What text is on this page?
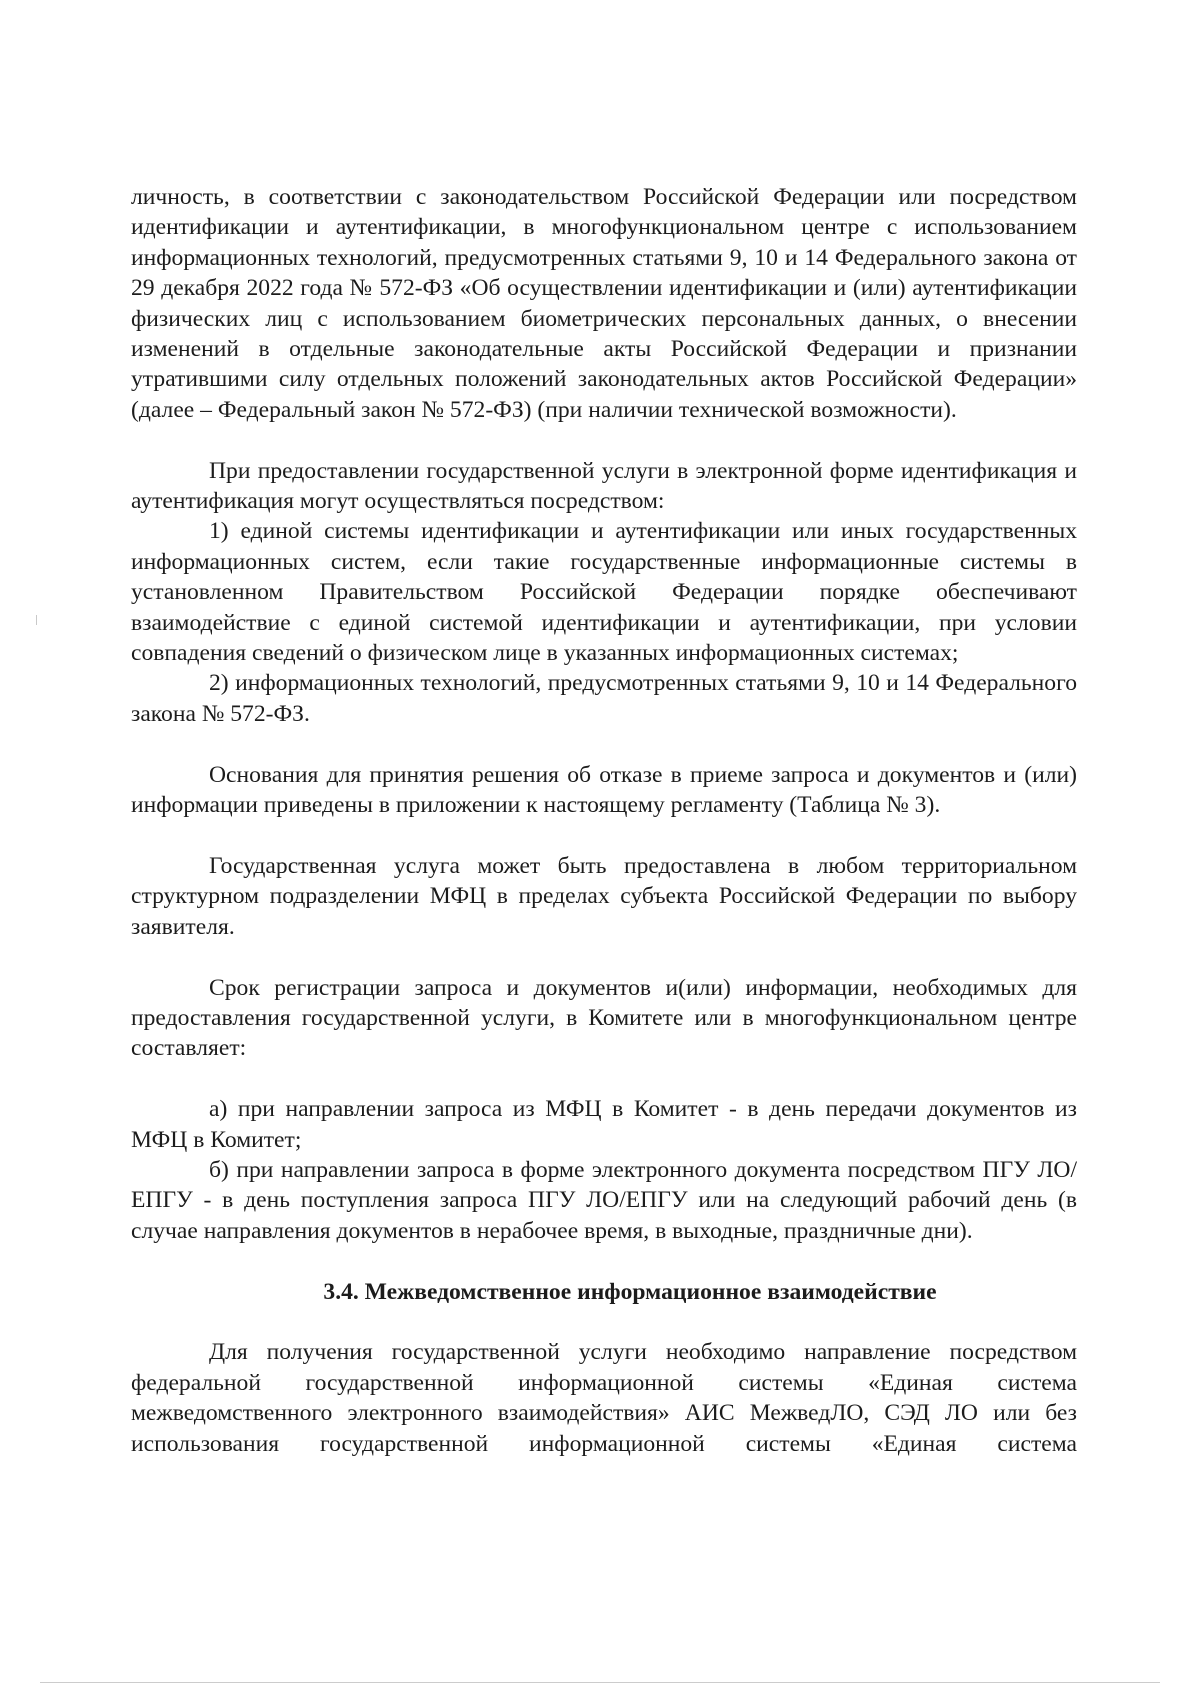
личность, в соответствии с законодательством Российской Федерации или посредством идентификации и аутентификации, в многофункциональном центре с использованием информационных технологий, предусмотренных статьями 9, 10 и 14 Федерального закона от 29 декабря 2022 года № 572-ФЗ «Об осуществлении идентификации и (или) аутентификации физических лиц с использованием биометрических персональных данных, о внесении изменений в отдельные законодательные акты Российской Федерации и признании утратившими силу отдельных положений законодательных актов Российской Федерации» (далее – Федеральный закон № 572-ФЗ) (при наличии технической возможности).

При предоставлении государственной услуги в электронной форме идентификация и аутентификация могут осуществляться посредством:

1) единой системы идентификации и аутентификации или иных государственных информационных систем, если такие государственные информационные системы в установленном Правительством Российской Федерации порядке обеспечивают взаимодействие с единой системой идентификации и аутентификации, при условии совпадения сведений о физическом лице в указанных информационных системах;

2) информационных технологий, предусмотренных статьями 9, 10 и 14 Федерального закона № 572-ФЗ.

Основания для принятия решения об отказе в приеме запроса и документов и (или) информации приведены в приложении к настоящему регламенту (Таблица № 3).

Государственная услуга может быть предоставлена в любом территориальном структурном подразделении МФЦ в пределах субъекта Российской Федерации по выбору заявителя.

Срок регистрации запроса и документов и(или) информации, необходимых для предоставления государственной услуги, в Комитете или в многофункциональном центре составляет:

а) при направлении запроса из МФЦ в Комитет - в день передачи документов из МФЦ в Комитет;

б) при направлении запроса в форме электронного документа посредством ПГУ ЛО/ЕПГУ - в день поступления запроса ПГУ ЛО/ЕПГУ или на следующий рабочий день (в случае направления документов в нерабочее время, в выходные, праздничные дни).

3.4. Межведомственное информационное взаимодействие

Для получения государственной услуги необходимо направление посредством федеральной государственной информационной системы «Единая система межведомственного электронного взаимодействия» АИС МежведЛО, СЭД ЛО или без использования государственной информационной системы «Единая система
